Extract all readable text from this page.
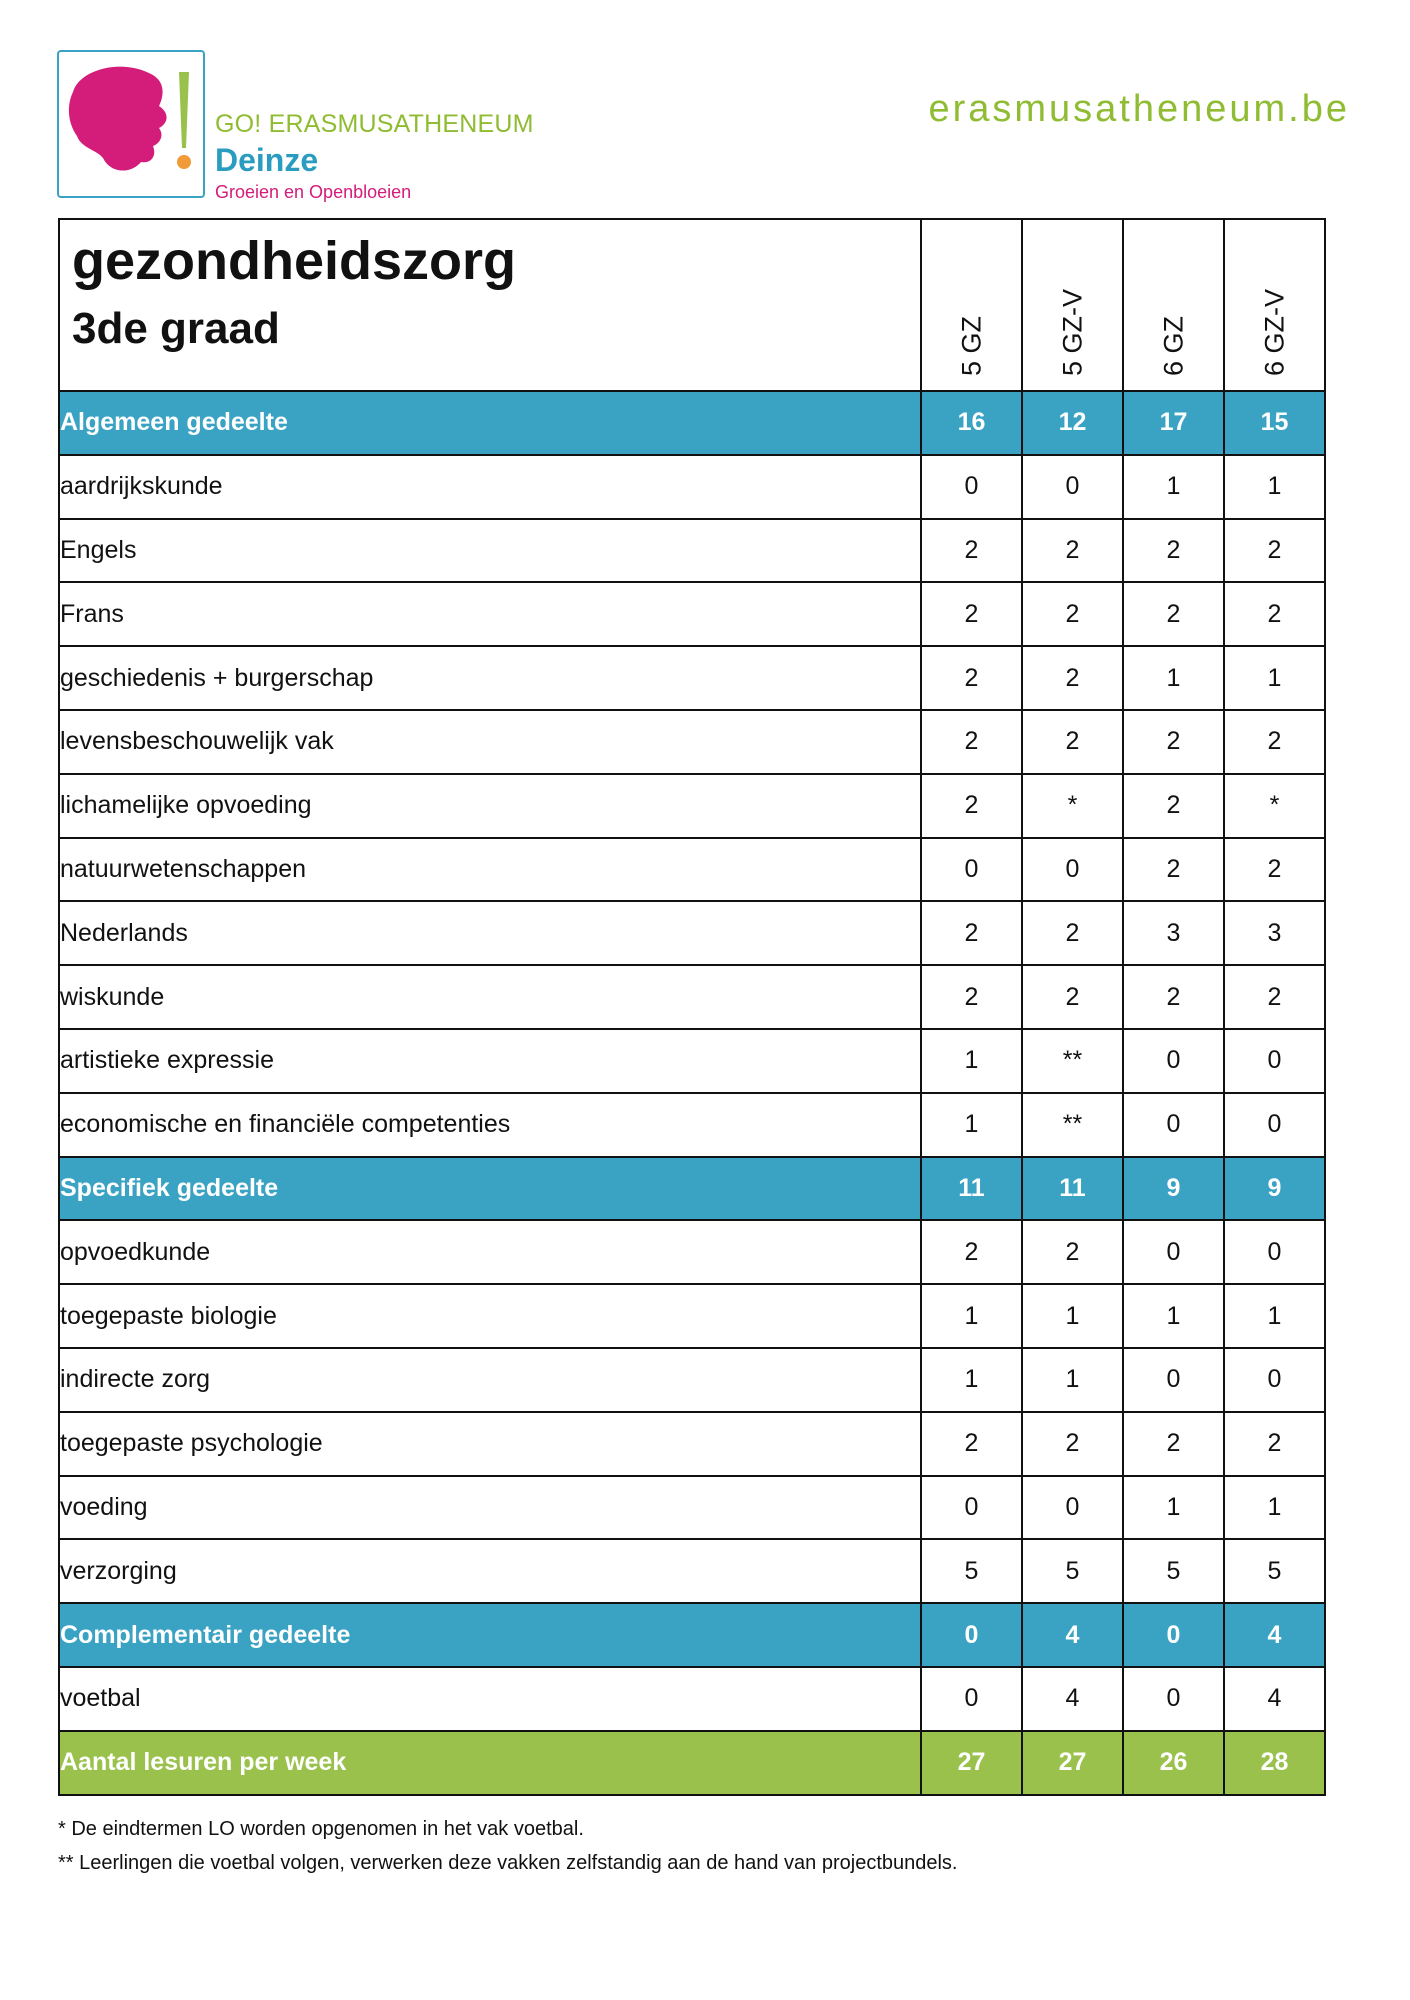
GO! ERASMUSATHENEUM
Deinze
Groeien en Openbloeien
erasmusatheneum.be
gezondheidszorg
3de graad	5 GZ	5 GZ-V	6 GZ	6 GZ-V

Algemeen gedeelte	16	12	17	15
aardrijkskunde	0	0	1	1
Engels	2	2	2	2
Frans	2	2	2	2
geschiedenis + burgerschap	2	2	1	1
levensbeschouwelijk vak	2	2	2	2
lichamelijke opvoeding	2	*	2	*
natuurwetenschappen	0	0	2	2
Nederlands	2	2	3	3
wiskunde	2	2	2	2
artistieke expressie	1	**	0	0
economische en financiële competenties	1	**	0	0
Specifiek gedeelte	11	11	9	9
opvoedkunde	2	2	0	0
toegepaste biologie	1	1	1	1
indirecte zorg	1	1	0	0
toegepaste psychologie	2	2	2	2
voeding	0	0	1	1
verzorging	5	5	5	5
Complementair gedeelte	0	4	0	4
voetbal	0	4	0	4
Aantal lesuren per week	27	27	26	28
* De eindtermen LO worden opgenomen in het vak voetbal.
** Leerlingen die voetbal volgen, verwerken deze vakken zelfstandig aan de hand van projectbundels.
